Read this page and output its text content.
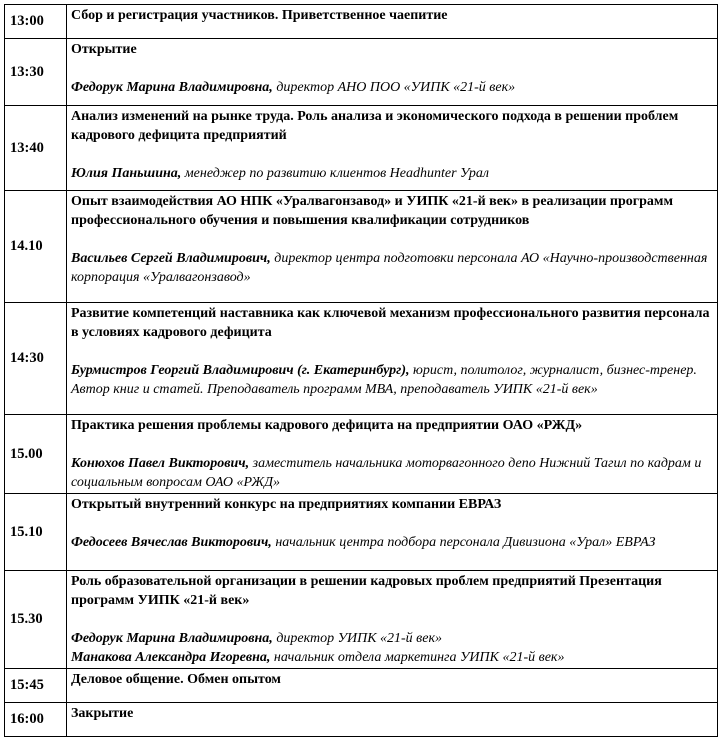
13:00	Сбор и регистрация участников. Приветственное чаепитие

13:30	Открытие

Федорук Марина Владимировна, директор АНО ПОО «УИПК «21-й век»

13:40	Анализ изменений на рынке труда. Роль анализа и экономического подхода в решении проблем кадрового дефицита предприятий

Юлия Паньшина, менеджер по развитию клиентов Headhunter Урал

14.10	Опыт взаимодействия АО НПК «Уралвагонзавод» и УИПК «21-й век» в реализации программ профессионального обучения и повышения квалификации сотрудников

Васильев Сергей Владимирович, директор центра подготовки персонала АО «Научно-производственная корпорация «Уралвагонзавод»

14:30	Развитие компетенций наставника как ключевой механизм профессионального развития персонала в условиях кадрового дефицита

Бурмистров Георгий Владимирович (г. Екатеринбург), юрист, политолог, журналист, бизнес-тренер. Автор книг и статей. Преподаватель программ МВА, преподаватель УИПК «21-й век»

15.00	Практика решения проблемы кадрового дефицита на предприятии ОАО «РЖД»

Конюхов Павел Викторович, заместитель начальника моторвагонного депо Нижний Тагил по кадрам и социальным вопросам ОАО «РЖД»

15.10	Открытый внутренний конкурс на предприятиях компании ЕВРАЗ

Федосеев Вячеслав Викторович, начальник центра подбора персонала Дивизиона «Урал» ЕВРАЗ

15.30	Роль образовательной организации в решении кадровых проблем предприятий Презентация программ УИПК «21-й век»

Федорук Марина Владимировна, директор УИПК «21-й век»

Манакова Александра Игоревна, начальник отдела маркетинга УИПК «21-й век»

15:45	Деловое общение. Обмен опытом

16:00	Закрытие
